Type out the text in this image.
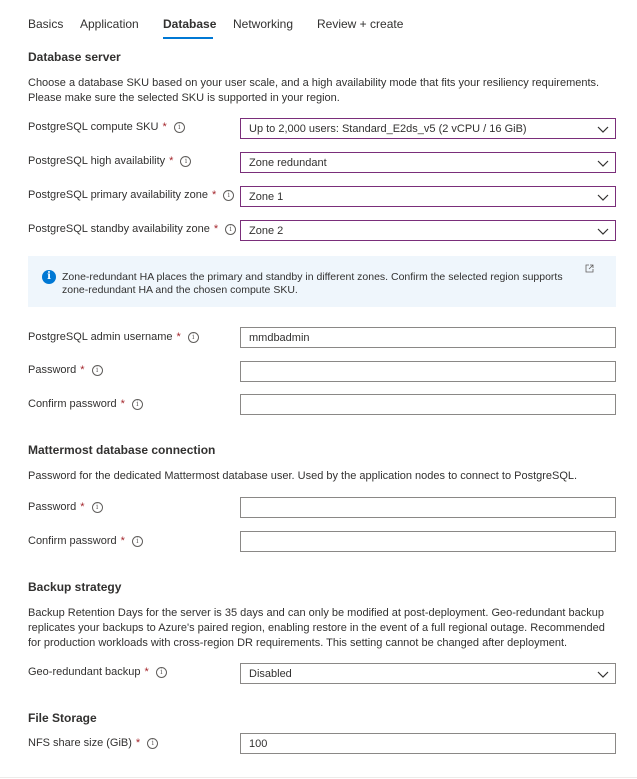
Basics Application Database Networking Review + create
Database server
Choose a database SKU based on your user scale, and a high availability mode that fits your resiliency requirements. Please make sure the selected SKU is supported in your region.
PostgreSQL compute SKU *	i	Up to 2,000 users: Standard_E2ds_v5 (2 vCPU / 16 GiB)
PostgreSQL high availability *	i	Zone redundant
PostgreSQL primary availability zone *	i	Zone 1
PostgreSQL standby availability zone *	i	Zone 2
i	Zone-redundant HA places the primary and standby in different zones. Confirm the selected region supports zone-redundant HA and the chosen compute SKU.
PostgreSQL admin username *	i	mmdbadmin
Password *	i
Confirm password *	i
Mattermost database connection
Password for the dedicated Mattermost database user. Used by the application nodes to connect to PostgreSQL.
Password *	i
Confirm password *	i
Backup strategy
Backup Retention Days for the server is 35 days and can only be modified at post-deployment. Geo-redundant backup replicates your backups to Azure's paired region, enabling restore in the event of a full regional outage. Recommended for production workloads with cross-region DR requirements. This setting cannot be changed after deployment.
Geo-redundant backup *	i	Disabled
File Storage
NFS share size (GiB) *	i	100
